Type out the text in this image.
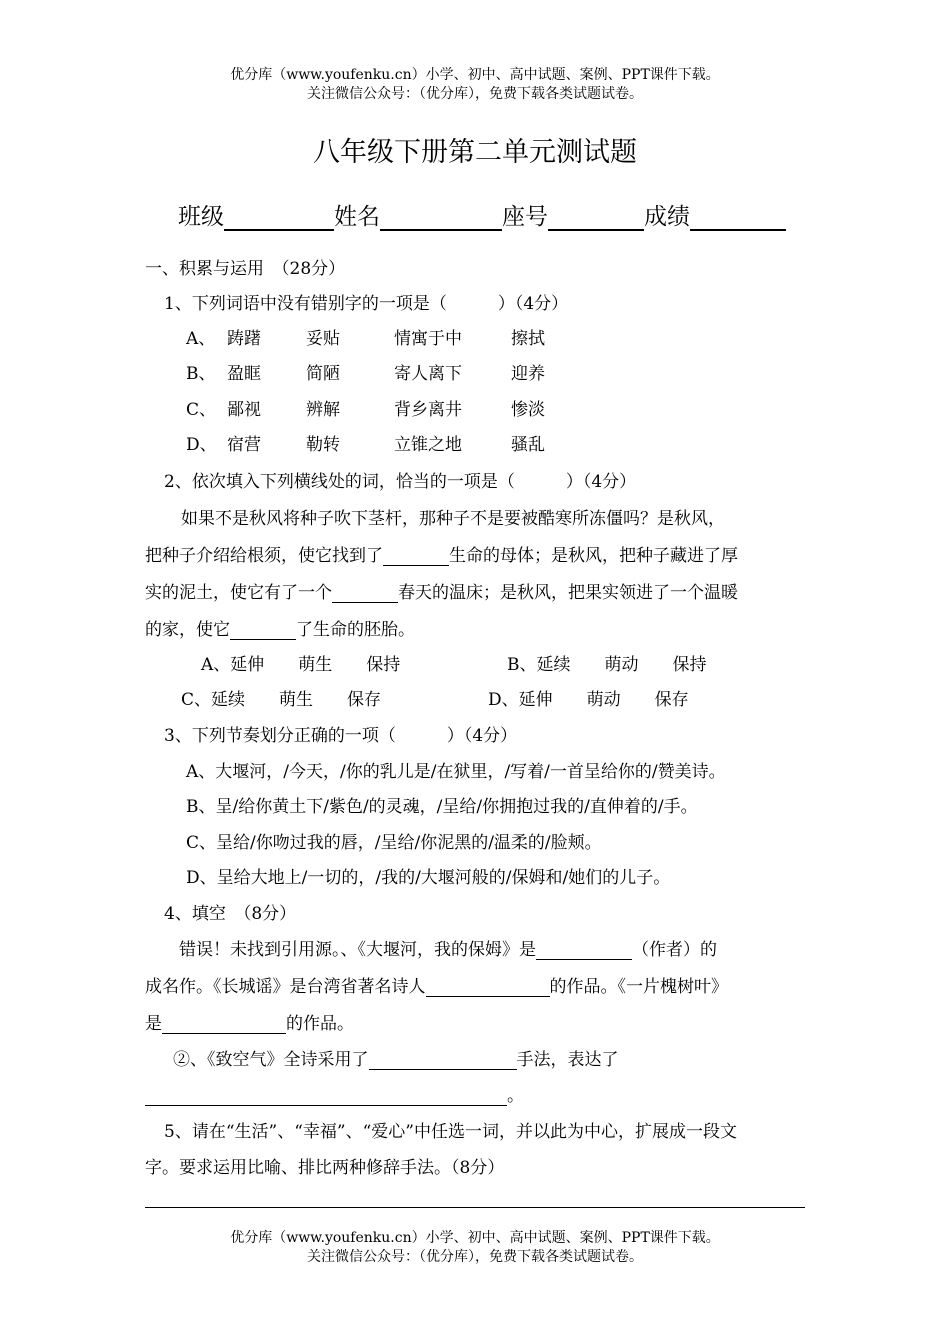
优分库（www.youfenku.cn）小学、初中、高中试题、案例、PPT课件下载。
关注微信公众号：（优分库），免费下载各类试题试卷。
八年级下册第二单元测试题
班级	姓名	座号	成绩
一、积累与运用　（28分）
1、下列词语中没有错别字的一项是（　　　）（4分）
A、 踌躇	妥贴	情寓于中	擦拭
B、 盈眶	简陋	寄人离下	迎养
C、 鄙视	辨解	背乡离井	惨淡
D、 宿营	勒转	立锥之地	骚乱
2、依次填入下列横线处的词，恰当的一项是（　　　）（4分）
如果不是秋风将种子吹下茎杆，那种子不是要被酷寒所冻僵吗？是秋风，
把种子介绍给根须，使它找到了	生命的母体；是秋风，把种子藏进了厚
实的泥土，使它有了一个	春天的温床；是秋风，把果实领进了一个温暖
的家，使它	了生命的胚胎。
A、延伸　　萌生　　保持	B、延续　　萌动　　保持
C、延续　　萌生　　保存	D、延伸　　萌动　　保存
3、下列节奏划分正确的一项（　　　）（4分）
A、大堰河，/今天，/你的乳儿是/在狱里，/写着/一首呈给你的/赞美诗。
B、呈/给你黄土下/紫色/的灵魂，/呈给/你拥抱过我的/直伸着的/手。
C、呈给/你吻过我的唇，/呈给/你泥黑的/温柔的/脸颊。
D、呈给大地上/一切的，/我的/大堰河般的/保姆和/她们的儿子。
4、填空　（8分）
错误！未找到引用源。、《大堰河，我的保姆》是	（作者）的
成名作。《长城谣》是台湾省著名诗人	的作品。《一片槐树叶》
是	的作品。
②、《致空气》全诗采用了	手法，表达了
。
5、请在“生活”、“幸福”、“爱心”中任选一词，并以此为中心，扩展成一段文
字。要求运用比喻、排比两种修辞手法。（8分）
优分库（www.youfenku.cn）小学、初中、高中试题、案例、PPT课件下载。
关注微信公众号：（优分库），免费下载各类试题试卷。
